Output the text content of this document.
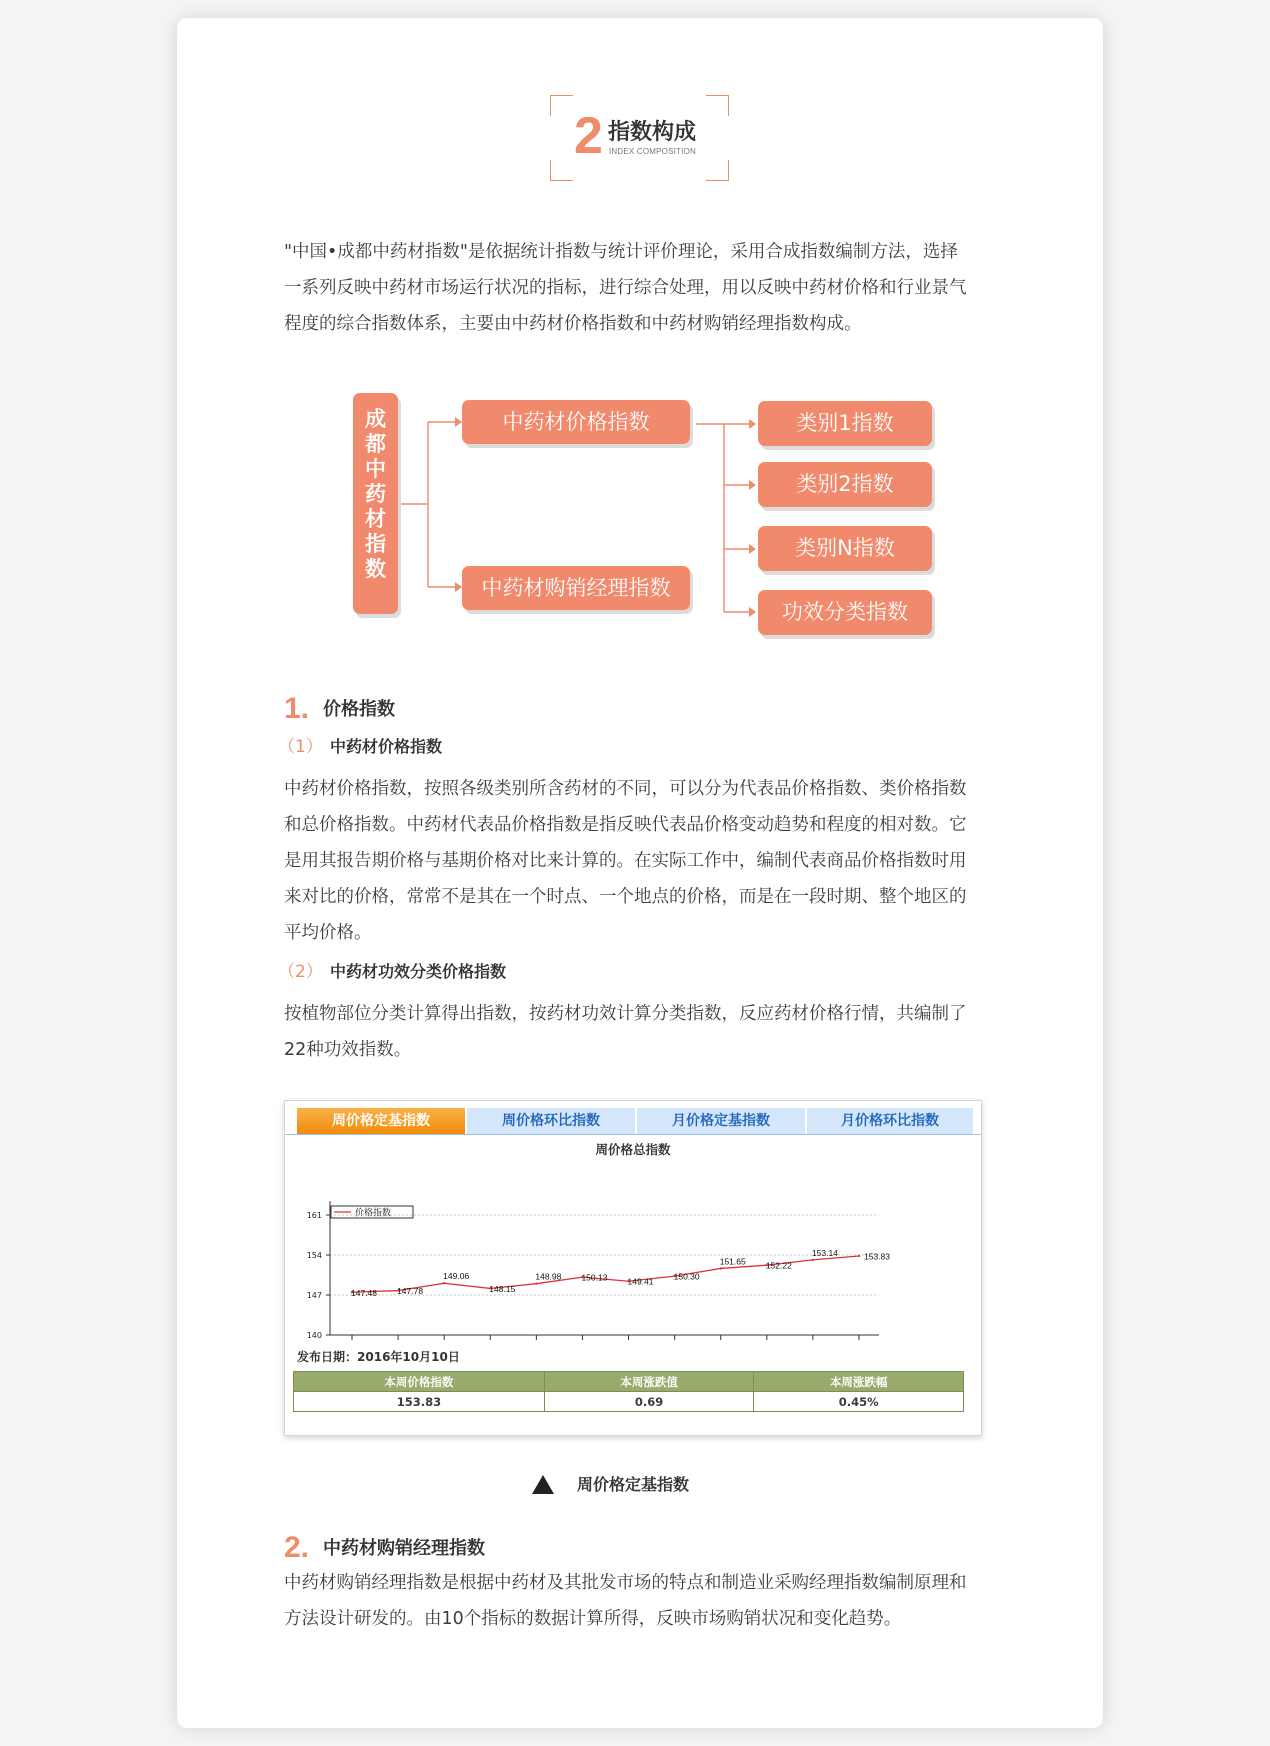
2 指数构成
INDEX COMPOSITION
"中国•成都中药材指数"是依据统计指数与统计评价理论，采用合成指数编制方法，选择
一系列反映中药材市场运行状况的指标，进行综合处理，用以反映中药材价格和行业景气
程度的综合指数体系，主要由中药材价格指数和中药材购销经理指数构成。
成都中药材指数
中药材价格指数
中药材购销经理指数
类别1指数
类别2指数
类别N指数
功效分类指数
1. 价格指数
（1） 中药材价格指数
中药材价格指数，按照各级类别所含药材的不同，可以分为代表品价格指数、类价格指数
和总价格指数。中药材代表品价格指数是指反映代表品价格变动趋势和程度的相对数。它
是用其报告期价格与基期价格对比来计算的。在实际工作中，编制代表商品价格指数时用
来对比的价格，常常不是其在一个时点、一个地点的价格，而是在一段时期、整个地区的
平均价格。
（2） 中药材功效分类价格指数
按植物部位分类计算得出指数，按药材功效计算分类指数，反应药材价格行情，共编制了
22种功效指数。
周价格定基指数	周价格环比指数	月价格定基指数	月价格环比指数
周价格总指数
价格指数
140
147
154
161
147.48 147.78
149.06
148.15
148.98 150.13 149.41
150.30
151.65 152.22
153.14	153.83
发布日期：2016年10月10日
本周价格指数	本周涨跌值	本周涨跌幅
153.83	0.69	0.45%
周价格定基指数
2. 中药材购销经理指数
中药材购销经理指数是根据中药材及其批发市场的特点和制造业采购经理指数编制原理和
方法设计研发的。由10个指标的数据计算所得，反映市场购销状况和变化趋势。
